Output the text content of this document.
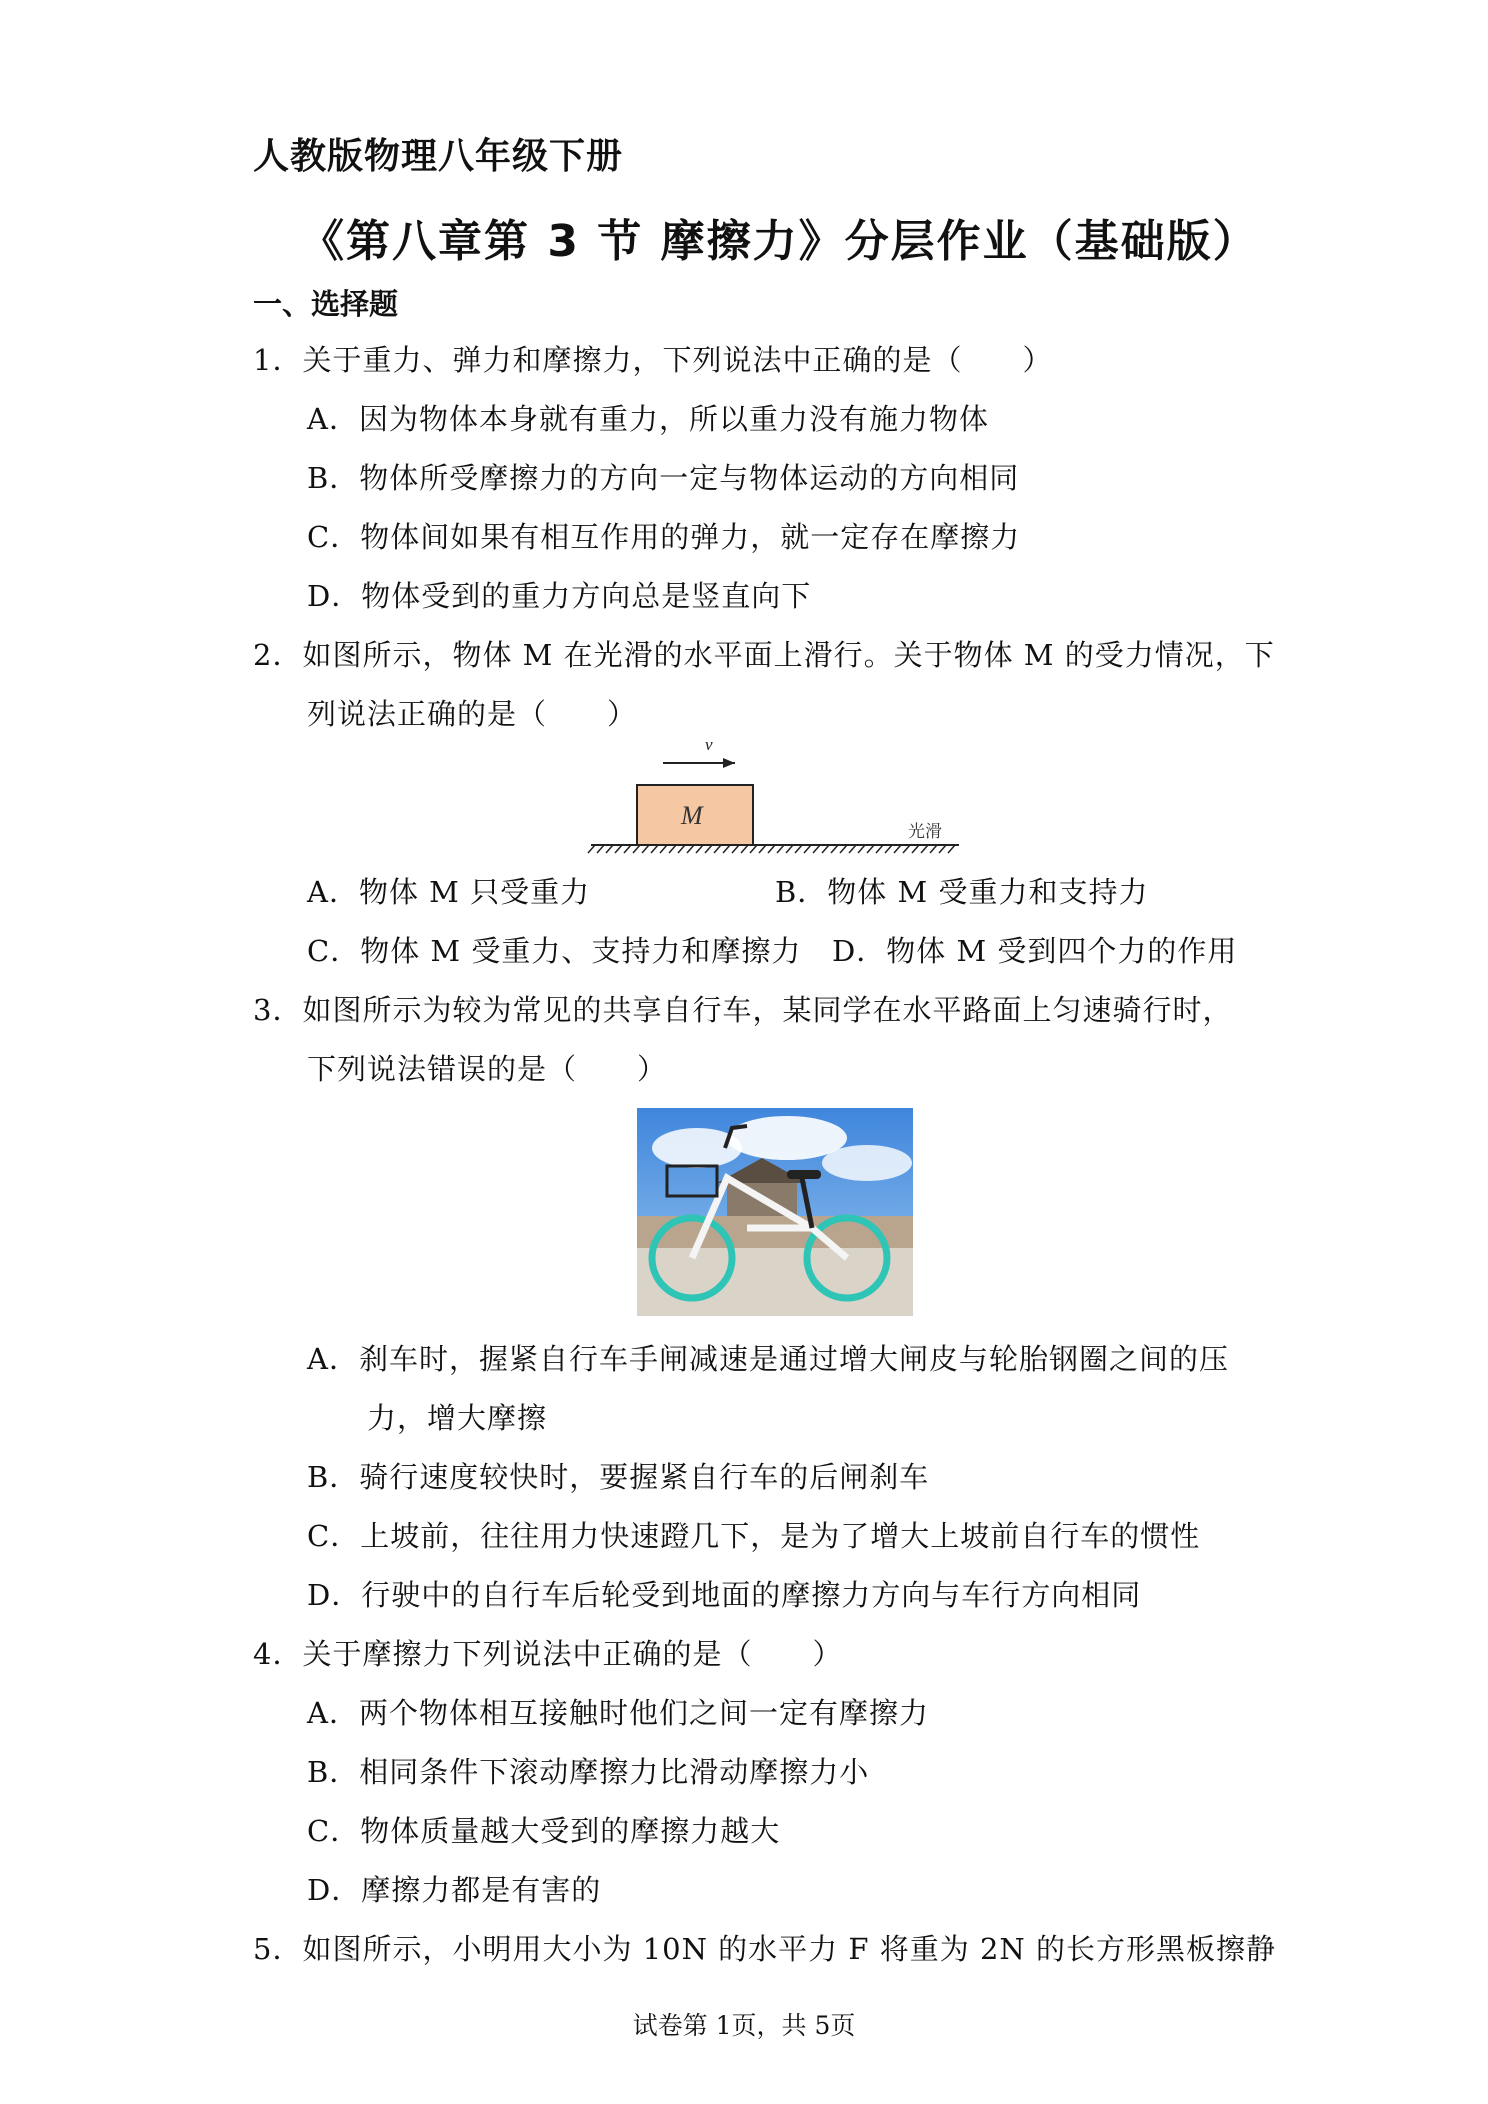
人教版物理八年级下册
《第八章第 3 节 摩擦力》分层作业（基础版）
一、选择题
1．关于重力、弹力和摩擦力，下列说法中正确的是（　　）
A．因为物体本身就有重力，所以重力没有施力物体
B．物体所受摩擦力的方向一定与物体运动的方向相同
C．物体间如果有相互作用的弹力，就一定存在摩擦力
D．物体受到的重力方向总是竖直向下
2．如图所示，物体 M 在光滑的水平面上滑行。关于物体 M 的受力情况，下
列说法正确的是（　　）
v
M
光滑
A．物体 M 只受重力	B．物体 M 受重力和支持力
C．物体 M 受重力、支持力和摩擦力 D．物体 M 受到四个力的作用
3．如图所示为较为常见的共享自行车，某同学在水平路面上匀速骑行时，
下列说法错误的是（　　）
A．刹车时，握紧自行车手闸减速是通过增大闸皮与轮胎钢圈之间的压
力，增大摩擦
B．骑行速度较快时，要握紧自行车的后闸刹车
C．上坡前，往往用力快速蹬几下，是为了增大上坡前自行车的惯性
D．行驶中的自行车后轮受到地面的摩擦力方向与车行方向相同
4．关于摩擦力下列说法中正确的是（　　）
A．两个物体相互接触时他们之间一定有摩擦力
B．相同条件下滚动摩擦力比滑动摩擦力小
C．物体质量越大受到的摩擦力越大
D．摩擦力都是有害的
5．如图所示，小明用大小为 10N 的水平力 F 将重为 2N 的长方形黑板擦静
试卷第 1页，共 5页
